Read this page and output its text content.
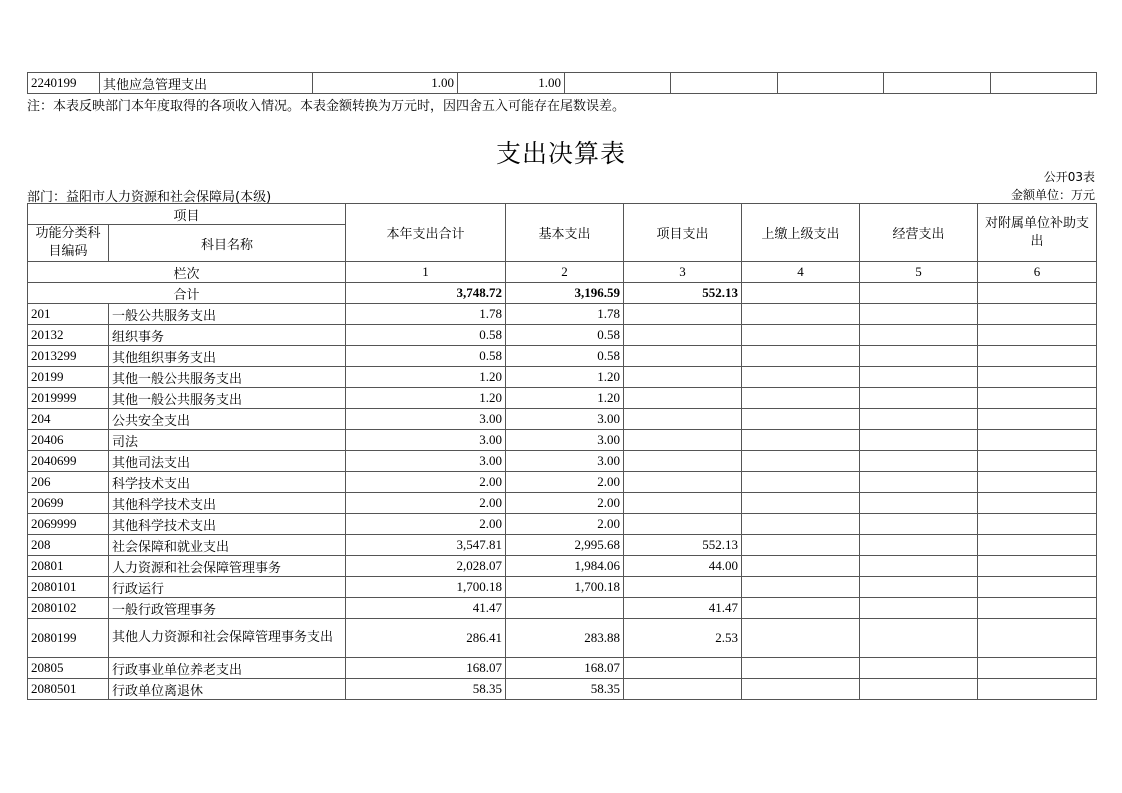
2240199	其他应急管理支出	1.00	1.00					
注：本表反映部门本年度取得的各项收入情况。本表金额转换为万元时，因四舍五入可能存在尾数误差。
支出决算表
公开03表
部门：益阳市人力资源和社会保障局(本级)	金额单位：万元
项目		本年支出合计	基本支出	项目支出	上缴上级支出	经营支出	对附属单位补助支出
功能分类科目编码	科目名称						
栏次		1	2	3	4	5	6
合计		3,748.72	3,196.59	552.13			
201	一般公共服务支出	1.78	1.78				
20132	组织事务	0.58	0.58				
2013299	其他组织事务支出	0.58	0.58				
20199	其他一般公共服务支出	1.20	1.20				
2019999	其他一般公共服务支出	1.20	1.20				
204	公共安全支出	3.00	3.00				
20406	司法	3.00	3.00				
2040699	其他司法支出	3.00	3.00				
206	科学技术支出	2.00	2.00				
20699	其他科学技术支出	2.00	2.00				
2069999	其他科学技术支出	2.00	2.00				
208	社会保障和就业支出	3,547.81	2,995.68	552.13			
20801	人力资源和社会保障管理事务	2,028.07	1,984.06	44.00			
2080101	行政运行	1,700.18	1,700.18				
2080102	一般行政管理事务	41.47		41.47			
2080199	其他人力资源和社会保障管理事务支出	286.41	283.88	2.53			
20805	行政事业单位养老支出	168.07	168.07				
2080501	行政单位离退休	58.35	58.35				
